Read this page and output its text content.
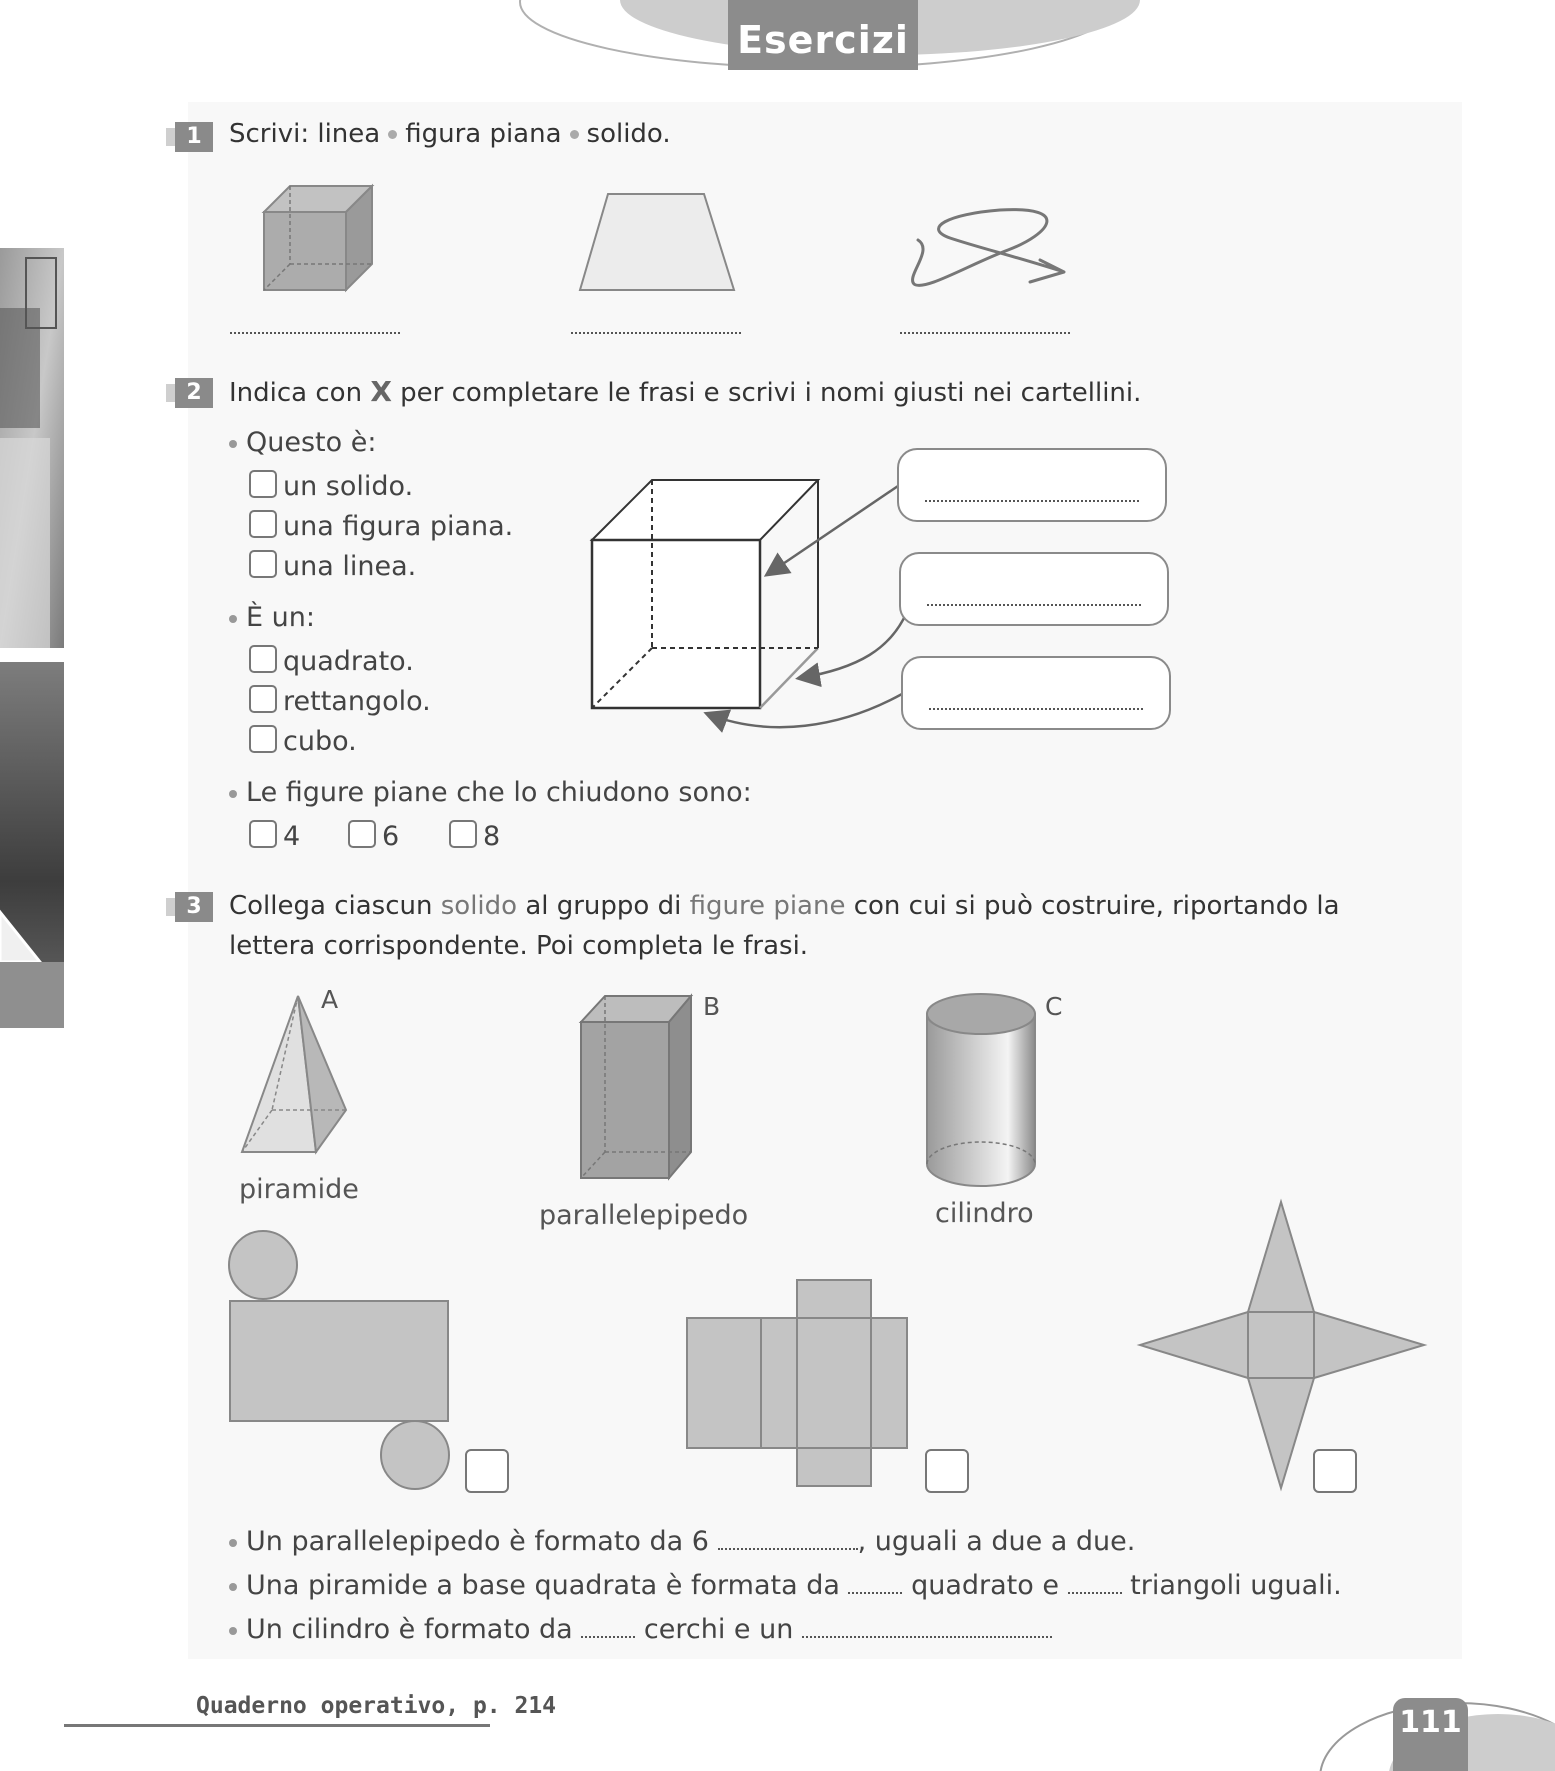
Esercizi
1	Scrivi: linea figura piana solido.
2	Indica con X per completare le frasi e scrivi i nomi giusti nei cartellini.
Questo è:
un solido.
una figura piana.
una linea.
È un:
quadrato.
rettangolo.
cubo.
Le figure piane che lo chiudono sono:
4	6	8
3	Collega ciascun solido al gruppo di figure piane con cui si può costruire, riportando la lettera corrispondente. Poi completa le frasi.
A
piramide
B
parallelepipedo
C
cilindro
Un parallelepipedo è formato da 6	, uguali a due a due.
Una piramide a base quadrata è formata da	quadrato e	triangoli uguali.
Un cilindro è formato da	cerchi e un
Quaderno operativo, p. 214	111
